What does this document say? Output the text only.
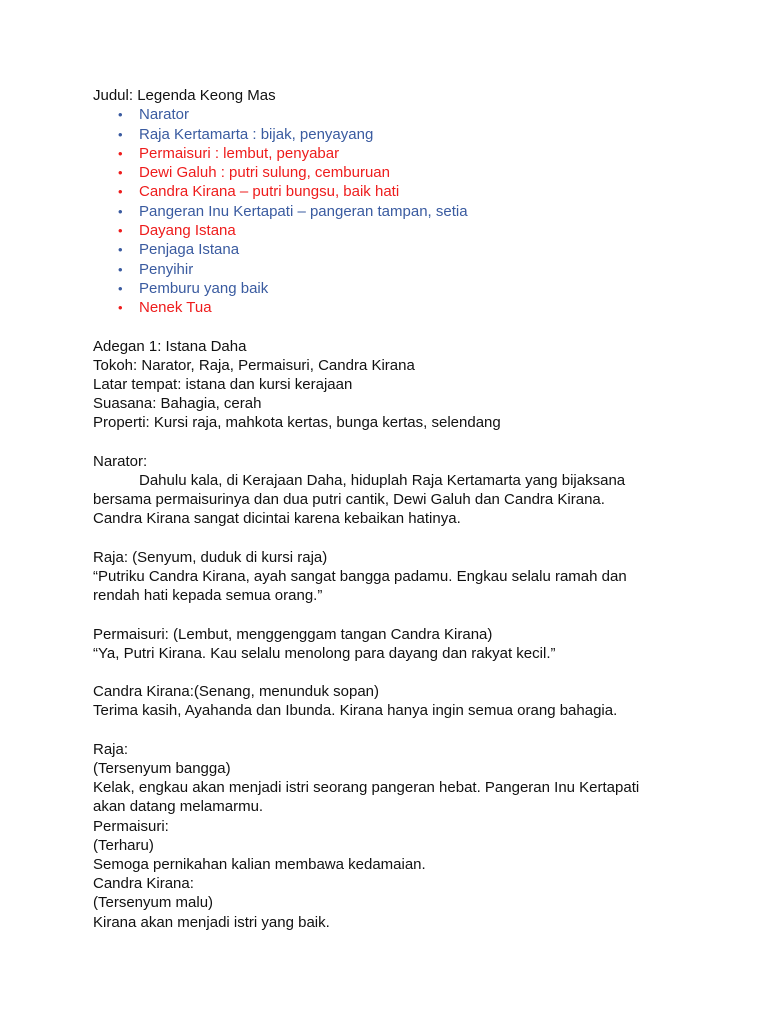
Judul: Legenda Keong Mas

• Narator
• Raja Kertamarta : bijak, penyayang
• Permaisuri : lembut, penyabar
• Dewi Galuh : putri sulung, cemburuan
• Candra Kirana – putri bungsu, baik hati
• Pangeran Inu Kertapati – pangeran tampan, setia
• Dayang Istana
• Penjaga Istana
• Penyihir
• Pemburu yang baik
• Nenek Tua

Adegan 1: Istana Daha

Tokoh: Narator, Raja, Permaisuri, Candra Kirana

Latar tempat: istana dan kursi kerajaan

Suasana: Bahagia, cerah

Properti: Kursi raja, mahkota kertas, bunga kertas, selendang

Narator:

Dahulu kala, di Kerajaan Daha, hiduplah Raja Kertamarta yang bijaksana

bersama permaisurinya dan dua putri cantik, Dewi Galuh dan Candra Kirana.

Candra Kirana sangat dicintai karena kebaikan hatinya.

Raja: (Senyum, duduk di kursi raja)

“Putriku Candra Kirana, ayah sangat bangga padamu. Engkau selalu ramah dan

rendah hati kepada semua orang.”

Permaisuri: (Lembut, menggenggam tangan Candra Kirana)

“Ya, Putri Kirana. Kau selalu menolong para dayang dan rakyat kecil.”

Candra Kirana:(Senang, menunduk sopan)

Terima kasih, Ayahanda dan Ibunda. Kirana hanya ingin semua orang bahagia.

Raja:

(Tersenyum bangga)

Kelak, engkau akan menjadi istri seorang pangeran hebat. Pangeran Inu Kertapati

akan datang melamarmu.

Permaisuri:

(Terharu)

Semoga pernikahan kalian membawa kedamaian.

Candra Kirana:

(Tersenyum malu)

Kirana akan menjadi istri yang baik.
